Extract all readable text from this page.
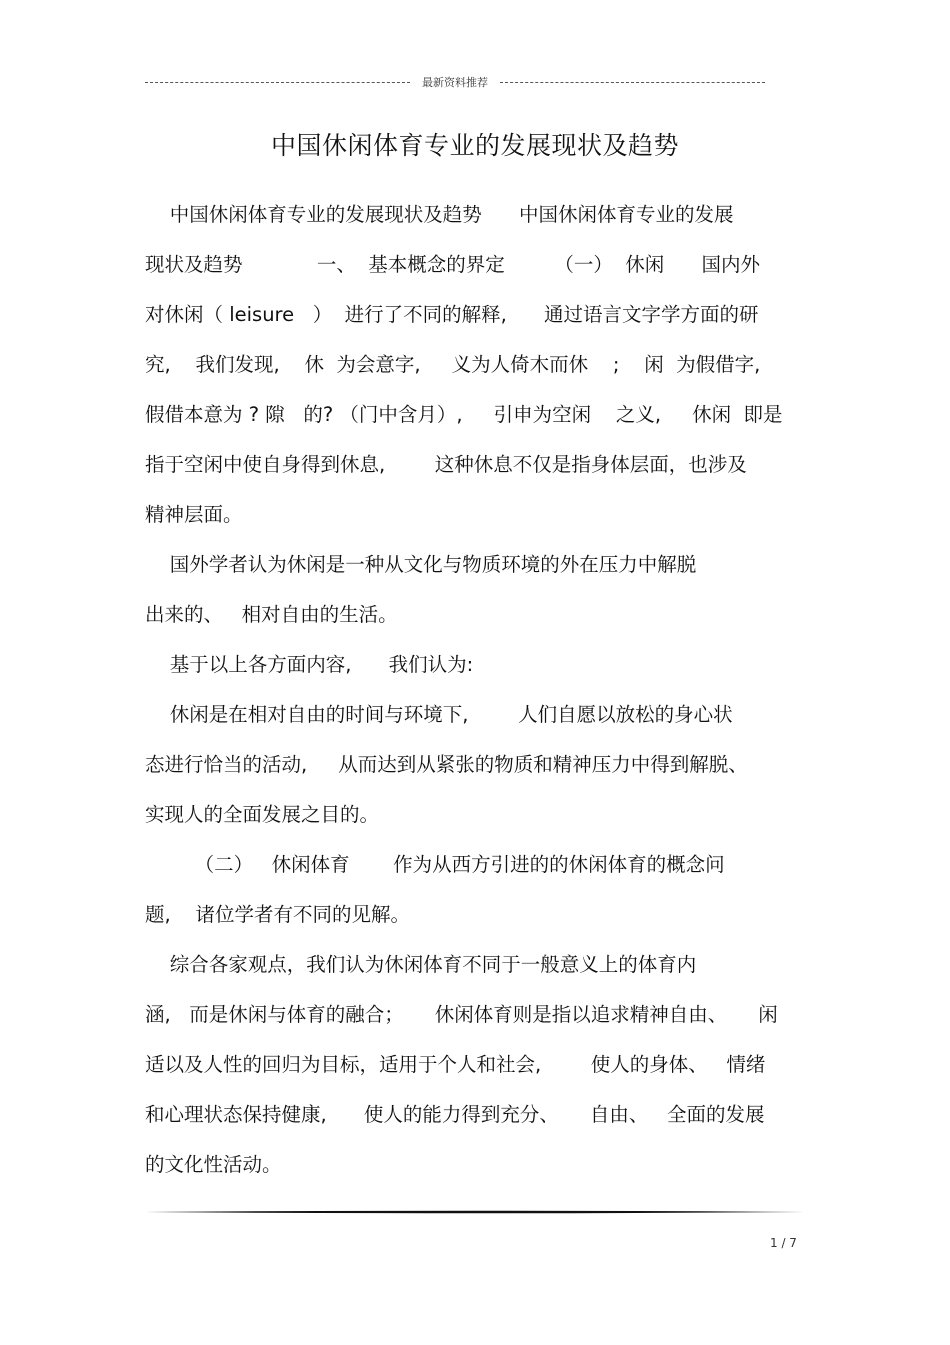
最新资料推荐
中国休闲体育专业的发展现状及趋势
中国休闲体育专业的发展现状及趋势      中国休闲体育专业的发展
现状及趋势            一、  基本概念的界定        （一）  休闲      国内外
对休闲（ leisure   ）  进行了不同的解释,      通过语言文字学方面的研
究,    我们发现,    休  为会意字,     义为人倚木而休    ;    闲  为假借字,
假借本意为 ? 隙   的? （门中含月）,     引申为空闲    之义,     休闲  即是
指于空闲中使自身得到休息,        这种休息不仅是指身体层面，也涉及
精神层面。
国外学者认为休闲是一种从文化与物质环境的外在压力中解脱
出来的、   相对自由的生活。
基于以上各方面内容,      我们认为:
休闲是在相对自由的时间与环境下,        人们自愿以放松的身心状
态进行恰当的活动,     从而达到从紧张的物质和精神压力中得到解脱、
实现人的全面发展之目的。
（二）   休闲体育       作为从西方引进的的休闲体育的概念问
题,    诸位学者有不同的见解。
综合各家观点，我们认为休闲体育不同于一般意义上的体育内
涵,   而是休闲与体育的融合；     休闲体育则是指以追求精神自由、     闲
适以及人性的回归为目标，适用于个人和社会,        使人的身体、   情绪
和心理状态保持健康,      使人的能力得到充分、     自由、   全面的发展
的文化性活动。
1 / 7
